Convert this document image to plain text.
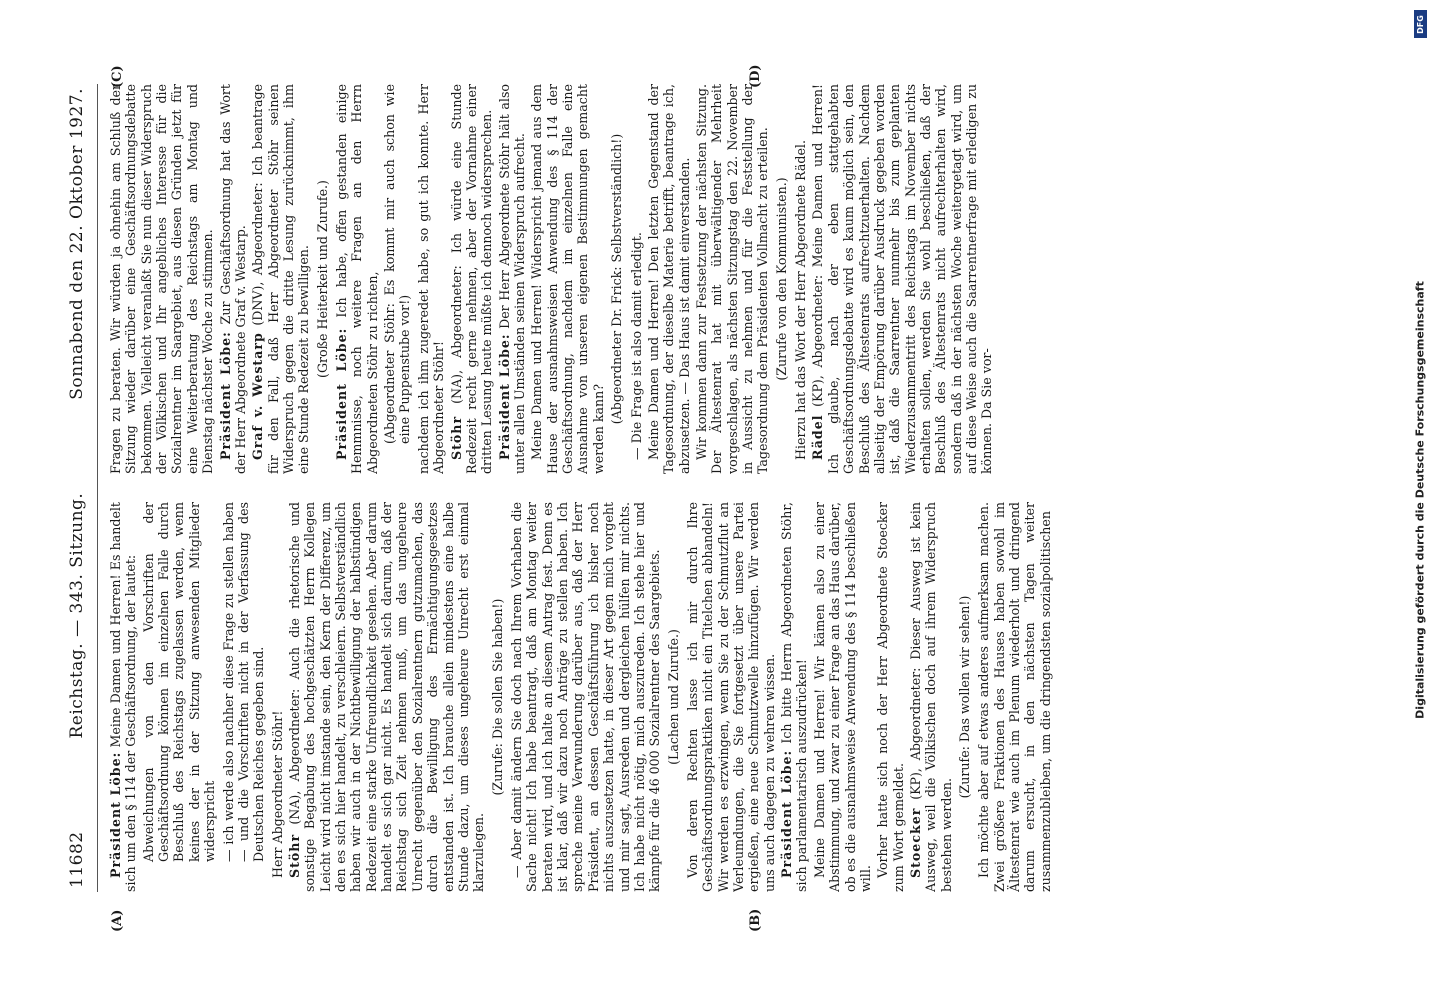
11682
Reichstag. — 343. Sitzung.
Sonnabend den 22. Oktober 1927.
(A)	(B)
(C)	(D)

Präsident Löbe: Meine Damen und Herren! Es handelt sich um den § 114 der Geschäftsordnung, der lautet: Abweichungen von den Vorschriften der Geschäftsordnung können im einzelnen Falle durch Beschluß des Reichstags zugelassen werden, wenn keines der in der Sitzung anwesenden Mitglieder widerspricht — ich werde also nachher diese Frage zu stellen haben — und die Vorschriften nicht in der Verfassung des Deutschen Reiches gegeben sind. Herr Abgeordneter Stöhr! Stöhr (NA), Abgeordneter: Auch die rhetorische und sonstige Begabung des hochgeschätzten Herrn Kollegen Leicht wird nicht imstande sein, den Kern der Differenz, um den es sich hier handelt, zu verschleiern. Selbstverständlich haben wir auch in der Nichtbewilligung der halbstündigen Redezeit eine starke Unfreundlichkeit gesehen. Aber darum handelt es sich gar nicht. Es handelt sich darum, daß der Reichstag sich Zeit nehmen muß, um das ungeheure Unrecht gegenüber den Sozialrentnern gutzumachen, das durch die Bewilligung des Ermächtigungsgesetzes entstanden ist. Ich brauche allein mindestens eine halbe Stunde dazu, um dieses ungeheure Unrecht erst einmal klarzulegen.

(Zurufe: Die sollen Sie haben!) — Aber damit ändern Sie doch nach Ihrem Vorhaben die Sache nicht! Ich habe beantragt, daß am Montag weiter beraten wird, und ich halte an diesem Antrag fest. Denn es ist klar, daß wir dazu noch Anträge zu stellen haben. Ich spreche meine Verwunderung darüber aus, daß der Herr Präsident, an dessen Geschäftsführung ich bisher noch nichts auszusetzen hatte, in dieser Art gegen mich vorgeht und mir sagt, Ausreden und dergleichen hülfen mir nichts. Ich habe nicht nötig, mich auszureden. Ich stehe hier und kämpfe für die 46 000 Sozialrentner des Saargebiets. (Lachen und Zurufe.) Von deren Rechten lasse ich mir durch Ihre Geschäftsordnungspraktiken nicht ein Titelchen abhandeln! Wir werden es erzwingen, wenn Sie zu der Schmutzflut an Verleumdungen, die Sie fortgesetzt über unsere Partei ergießen, eine neue Schmutzwelle hinzufügen. Wir werden uns auch dagegen zu wehren wissen. Präsident Löbe: Ich bitte Herrn Abgeordneten Stöhr, sich parlamentarisch auszudrücken! Meine Damen und Herren! Wir kämen also zu einer Abstimmung, und zwar zu einer Frage an das Haus darüber, ob es die ausnahmsweise Anwendung des § 114 beschließen will.

Vorher hatte sich noch der Herr Abgeordnete Stoecker zum Wort gemeldet. Stoecker (KP), Abgeordneter: Dieser Ausweg ist kein Ausweg, weil die Völkischen doch auf ihrem Widerspruch bestehen werden.

(Zurufe: Das wollen wir sehen!) Ich möchte aber auf etwas anderes aufmerksam machen. Zwei größere Fraktionen des Hauses haben sowohl im Ältestenrat wie auch im Plenum wiederholt und dringend darum ersucht, in den nächsten Tagen weiter zusammenzubleiben, um die dringendsten sozialpolitischen

Fragen zu beraten. Wir würden ja ohnehin am Schluß der Sitzung wieder darüber eine Geschäftsordnungsdebatte bekommen. Vielleicht veranlaßt Sie nun dieser Widerspruch der Völkischen und Ihr angebliches Interesse für die Sozialrentner im Saargebiet, aus diesen Gründen jetzt für eine Weiterberatung des Reichstags am Montag und Dienstag nächster Woche zu stimmen. Präsident Löbe: Zur Geschäftsordnung hat das Wort der Herr Abgeordnete Graf v. Westarp. Graf v. Westarp (DNV), Abgeordneter: Ich beantrage für den Fall, daß Herr Abgeordneter Stöhr seinen Widerspruch gegen die dritte Lesung zurücknimmt, ihm eine Stunde Redezeit zu bewilligen. (Große Heiterkeit und Zurufe.)

Präsident Löbe: Ich habe, offen gestanden einige Hemmnisse, noch weitere Fragen an den Herrn Abgeordneten Stöhr zu richten, (Abgeordneter Stöhr: Es kommt mir auch schon wie eine Puppenstube vor!) nachdem ich ihm zugeredet habe, so gut ich konnte. Herr Abgeordneter Stöhr! Stöhr (NA), Abgeordneter: Ich würde eine Stunde Redezeit recht gerne nehmen, aber der Vornahme einer dritten Lesung heute müßte ich dennoch widersprechen. Präsident Löbe: Der Herr Abgeordnete Stöhr hält also unter allen Umständen seinen Widerspruch aufrecht. Meine Damen und Herren! Widerspricht jemand aus dem Hause der ausnahmsweisen Anwendung des § 114 der Geschäftsordnung, nachdem im einzelnen Falle eine Ausnahme von unseren eigenen Bestimmungen gemacht werden kann?

(Abgeordneter Dr. Frick: Selbstverständlich!) — Die Frage ist also damit erledigt. Meine Damen und Herren! Den letzten Gegenstand der Tagesordnung, der dieselbe Materie betrifft, beantrage ich, abzusetzen. — Das Haus ist damit einverstanden. Wir kommen dann zur Festsetzung der nächsten Sitzung. Der Ältestenrat hat mit überwältigender Mehrheit vorgeschlagen, als nächsten Sitzungstag den 22. November in Aussicht zu nehmen und für die Feststellung der Tagesordnung dem Präsidenten Vollmacht zu erteilen. (Zurufe von den Kommunisten.) Hierzu hat das Wort der Herr Abgeordnete Rädel. Rädel (KP), Abgeordneter: Meine Damen und Herren! Ich glaube, nach der eben stattgehabten Geschäftsordnungsdebatte wird es kaum möglich sein, den Beschluß des Ältestenrats aufrechtzuerhalten. Nachdem allseitig der Empörung darüber Ausdruck gegeben worden ist, daß die Saarrentner nunmehr bis zum geplanten Wiederzusammentritt des Reichstags im November nichts erhalten sollen, werden Sie wohl beschließen, daß der Beschluß des Ältestenrats nicht aufrechterhalten wird, sondern daß in der nächsten Woche weitergetagt wird, um auf diese Weise auch die Saarrentnerfrage mit erledigen zu können. Da Sie vor-

DFG
Digitalisierung gefördert durch die Deutsche Forschungsgemeinschaft
